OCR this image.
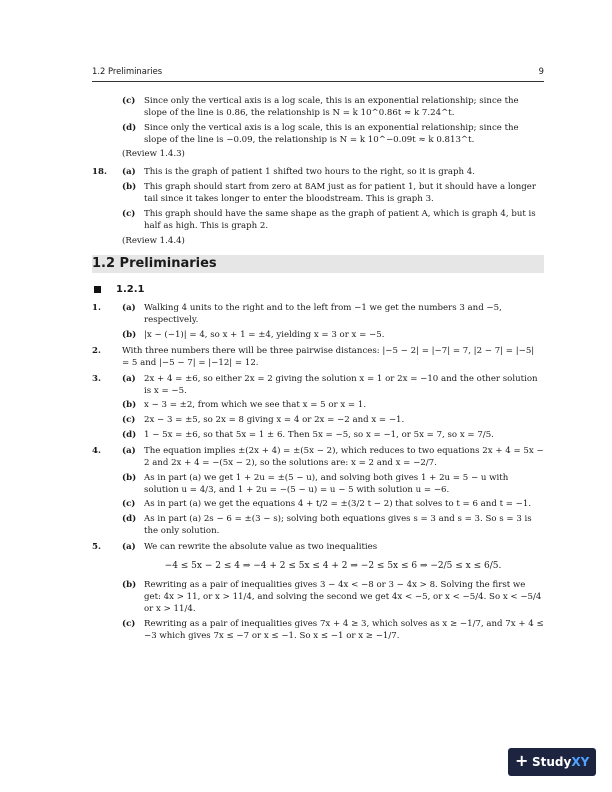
1.2 Preliminaries	9
(c) Since only the vertical axis is a log scale, this is an exponential relationship; since the slope of the line is 0.86, the relationship is N = k 10^0.86t ≈ k 7.24^t.
(d) Since only the vertical axis is a log scale, this is an exponential relationship; since the slope of the line is −0.09, the relationship is N = k 10^−0.09t ≈ k 0.813^t.
(Review 1.4.3)
18. (a) This is the graph of patient 1 shifted two hours to the right, so it is graph 4.
(b) This graph should start from zero at 8AM just as for patient 1, but it should have a longer tail since it takes longer to enter the bloodstream. This is graph 3.
(c) This graph should have the same shape as the graph of patient A, which is graph 4, but is half as high. This is graph 2.
(Review 1.4.4)
1.2 Preliminaries
1.2.1
1. (a) Walking 4 units to the right and to the left from −1 we get the numbers 3 and −5, respectively.
(b) |x − (−1)| = 4, so x + 1 = ±4, yielding x = 3 or x = −5.
2.	With three numbers there will be three pairwise distances: |−5 − 2| = |−7| = 7, |2 − 7| = |−5| = 5 and |−5 − 7| = |−12| = 12.
3. (a) 2x + 4 = ±6, so either 2x = 2 giving the solution x = 1 or 2x = −10 and the other solution is x = −5.
(b) x − 3 = ±2, from which we see that x = 5 or x = 1.
(c) 2x − 3 = ±5, so 2x = 8 giving x = 4 or 2x = −2 and x = −1.
(d) 1 − 5x = ±6, so that 5x = 1 ± 6. Then 5x = −5, so x = −1, or 5x = 7, so x = 7/5.
4. (a) The equation implies ±(2x + 4) = ±(5x − 2), which reduces to two equations 2x + 4 = 5x − 2 and 2x + 4 = −(5x − 2), so the solutions are: x = 2 and x = −2/7.
(b) As in part (a) we get 1 + 2u = ±(5 − u), and solving both gives 1 + 2u = 5 − u with solution u = 4/3, and 1 + 2u = −(5 − u) = u − 5 with solution u = −6.
(c) As in part (a) we get the equations 4 + t/2 = ±(3/2 t − 2) that solves to t = 6 and t = −1.
(d) As in part (a) 2s − 6 = ±(3 − s); solving both equations gives s = 3 and s = 3. So s = 3 is the only solution.
5. (a) We can rewrite the absolute value as two inequalities
−4 ≤ 5x − 2 ≤ 4 ⇒ −4 + 2 ≤ 5x ≤ 4 + 2 ⇒ −2 ≤ 5x ≤ 6 ⇒ −2/5 ≤ x ≤ 6/5.
(b) Rewriting as a pair of inequalities gives 3 − 4x < −8 or 3 − 4x > 8. Solving the first we get: 4x > 11, or x > 11/4, and solving the second we get 4x < −5, or x < −5/4. So x < −5/4 or x > 11/4.
(c) Rewriting as a pair of inequalities gives 7x + 4 ≥ 3, which solves as x ≥ −1/7, and 7x + 4 ≤ −3 which gives 7x ≤ −7 or x ≤ −1. So x ≤ −1 or x ≥ −1/7.
+ StudyXY
